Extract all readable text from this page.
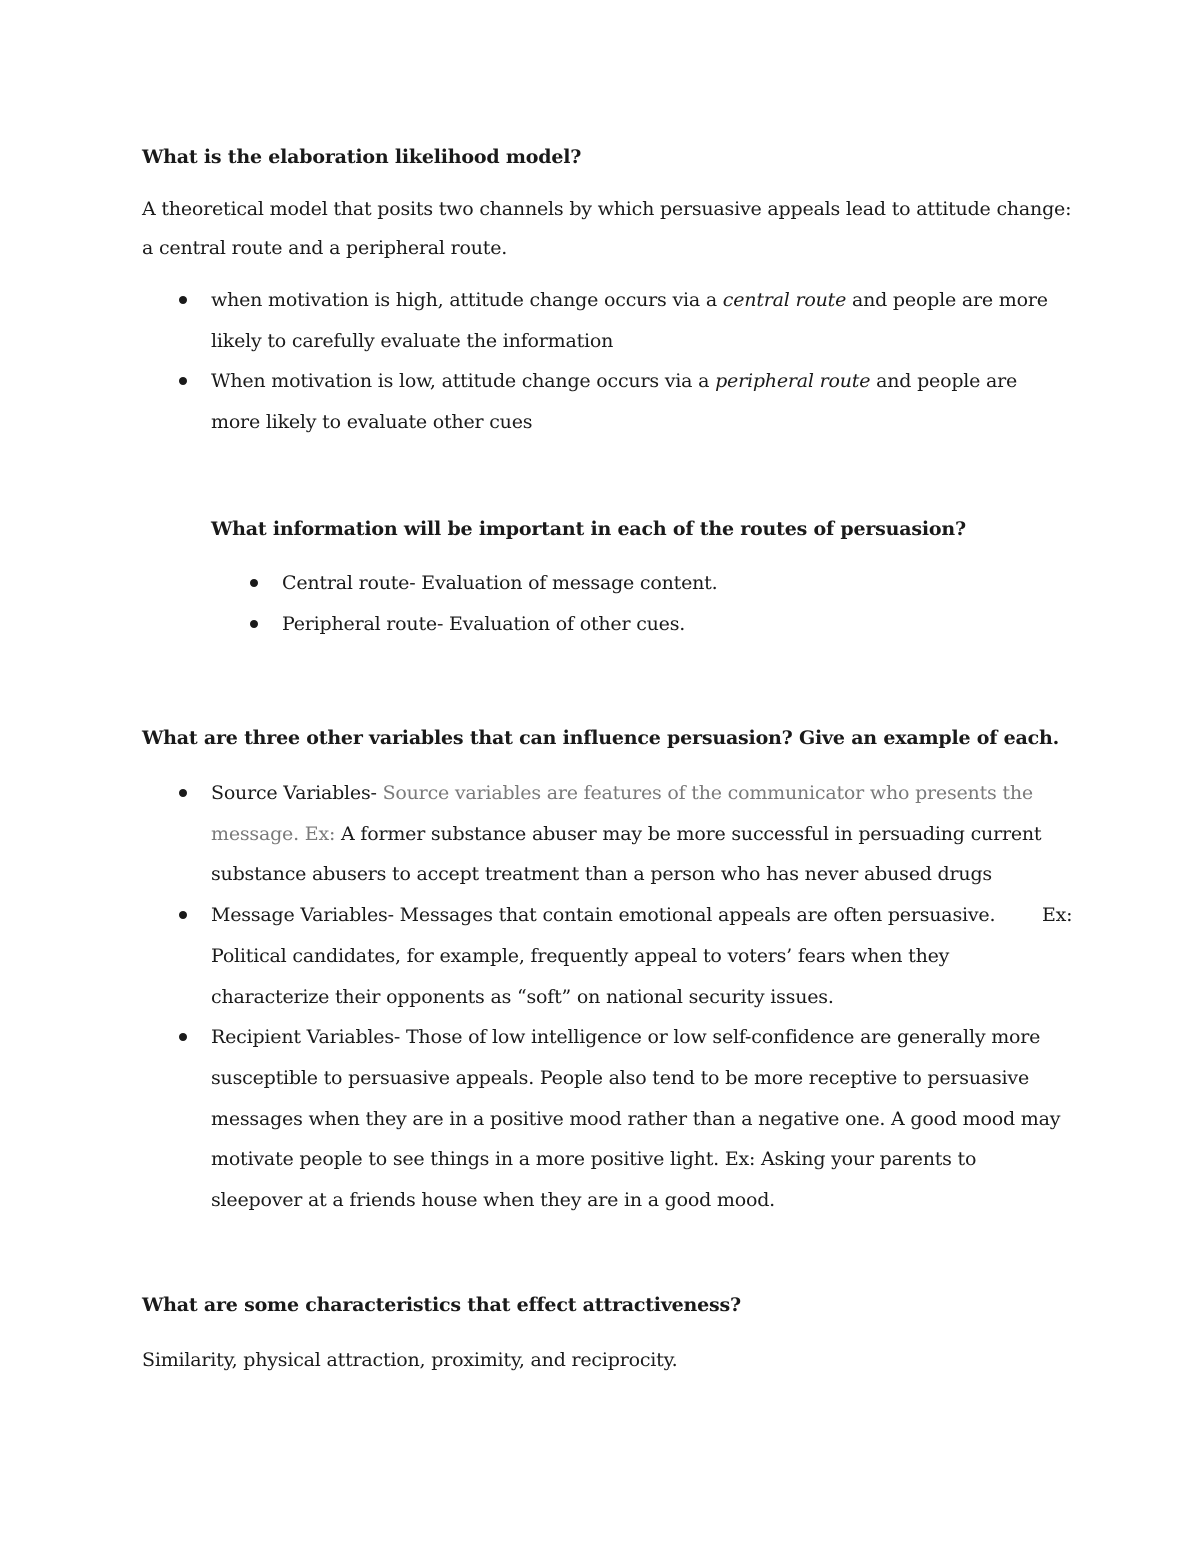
What is the elaboration likelihood model?
A theoretical model that posits two channels by which persuasive appeals lead to attitude change:
a central route and a peripheral route.
when motivation is high, attitude change occurs via a central route and people are more
likely to carefully evaluate the information
When motivation is low, attitude change occurs via a peripheral route and people are
more likely to evaluate other cues
What information will be important in each of the routes of persuasion?
Central route- Evaluation of message content.
Peripheral route- Evaluation of other cues.
What are three other variables that can influence persuasion? Give an example of each.
Source Variables- Source variables are features of the communicator who presents the
message. Ex: A former substance abuser may be more successful in persuading current
substance abusers to accept treatment than a person who has never abused drugs
Message Variables- Messages that contain emotional appeals are often persuasive.        Ex:
Political candidates, for example, frequently appeal to voters’ fears when they
characterize their opponents as “soft” on national security issues.
Recipient Variables- Those of low intelligence or low self-confidence are generally more
susceptible to persuasive appeals. People also tend to be more receptive to persuasive
messages when they are in a positive mood rather than a negative one. A good mood may
motivate people to see things in a more positive light. Ex: Asking your parents to
sleepover at a friends house when they are in a good mood.
What are some characteristics that effect attractiveness?
Similarity, physical attraction, proximity, and reciprocity.
